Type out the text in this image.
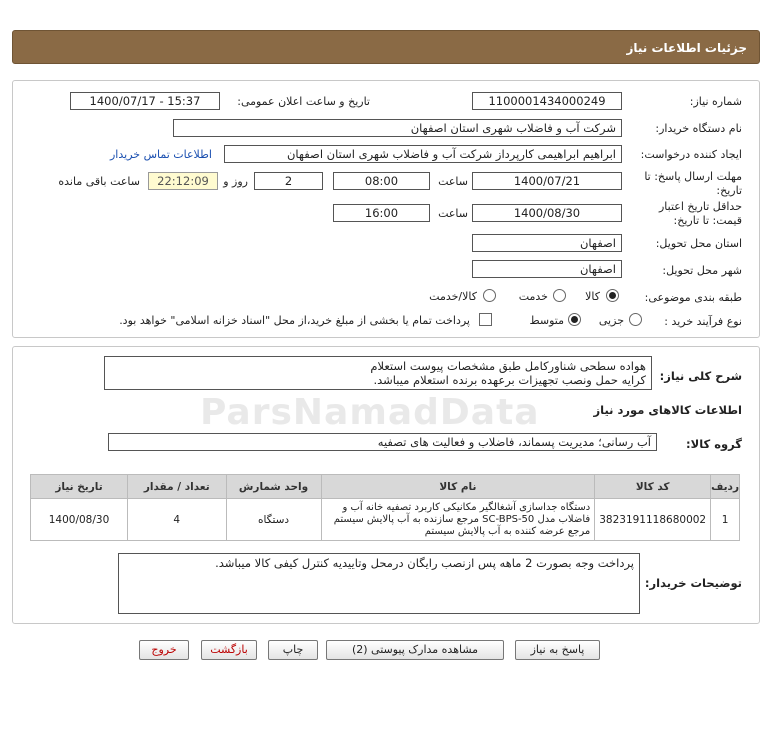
جزئیات اطلاعات نیاز
شماره نیاز:
1100001434000249
تاریخ و ساعت اعلان عمومی:
1400/07/17 - 15:37
نام دستگاه خریدار:
شرکت آب و فاضلاب شهری استان اصفهان
ایجاد کننده درخواست:
ابراهیم ابراهیمی کارپرداز شرکت آب و فاضلاب شهری استان اصفهان
اطلاعات تماس خریدار
مهلت ارسال پاسخ: تا
تاریخ:
1400/07/21
ساعت
08:00
2
روز و
22:12:09
ساعت باقی مانده
حداقل تاریخ اعتبار
قیمت: تا تاریخ:
1400/08/30
ساعت
16:00
استان محل تحویل:
اصفهان
شهر محل تحویل:
اصفهان
طبقه بندی موضوعی:
کالا
خدمت
کالا/خدمت
نوع فرآیند خرید :
جزیی
متوسط
پرداخت تمام یا بخشی از مبلغ خرید،از محل "اسناد خزانه اسلامی" خواهد بود.
شرح کلی نیاز:
هواده سطحی شناورکامل طبق مشخصات پیوست استعلام
کرایه حمل ونصب تجهیزات برعهده برنده استعلام میباشد.
ParsNamadData	اطلاعات کالاهای مورد نیاز
گروه کالا:
آب رسانی؛ مدیریت پسماند، فاضلاب و فعالیت های تصفیه
ردیف	کد کالا	نام کالا	واحد شمارش	تعداد / مقدار	تاریخ نیاز
1	3823191118680002	دستگاه جداسازی آشغالگیر مکانیکی کاربرد تصفیه خانه آب و
فاضلاب مدل SC-BPS-50 مرجع سازنده به آب پالایش سیستم
مرجع عرضه کننده به آب پالایش سیستم	دستگاه	4	1400/08/30
توضیحات خریدار:
پرداخت وجه بصورت 2 ماهه پس ازنصب رایگان درمحل وتاییدیه کنترل کیفی کالا میباشد.
پاسخ به نیاز
مشاهده مدارک پیوستی (2)
چاپ
بازگشت
خروج
